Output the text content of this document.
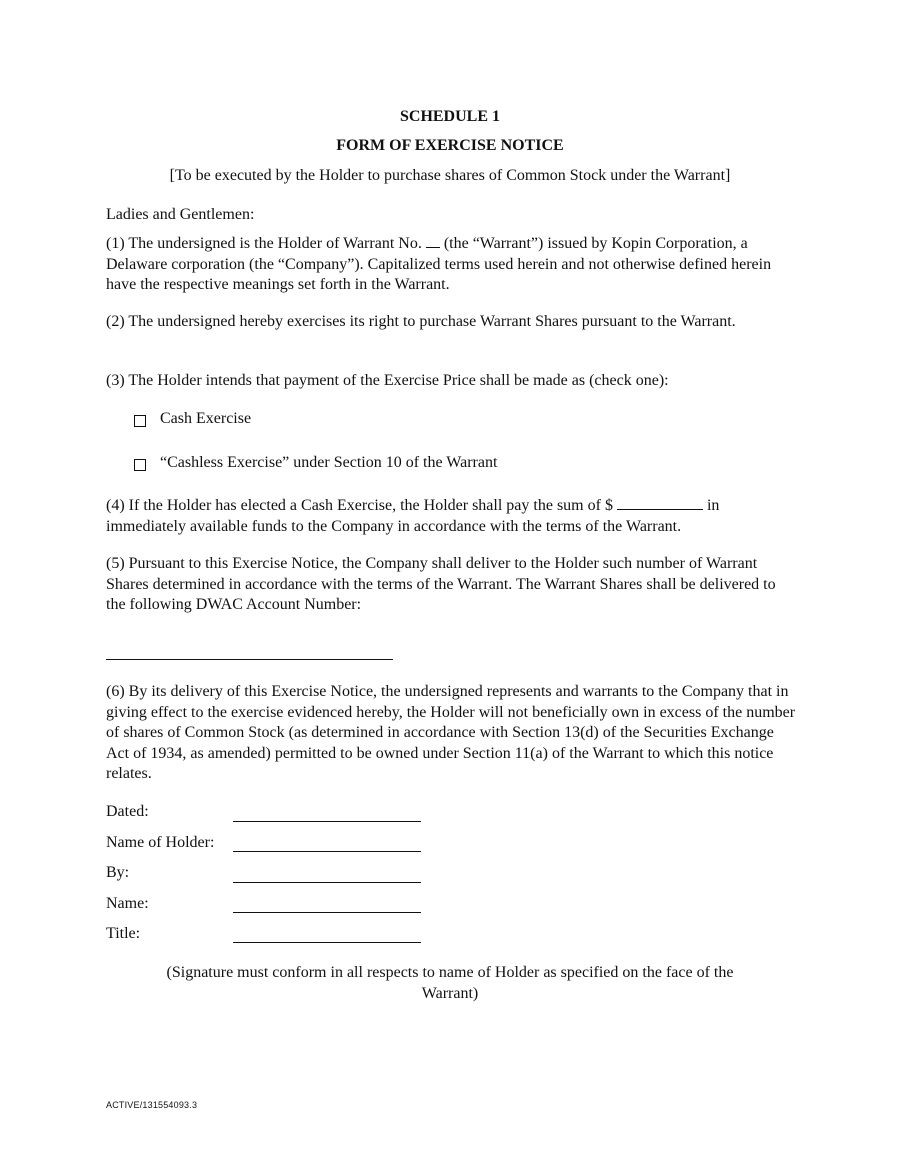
SCHEDULE 1
FORM OF EXERCISE NOTICE
[To be executed by the Holder to purchase shares of Common Stock under the Warrant]
Ladies and Gentlemen:
(1) The undersigned is the Holder of Warrant No.  (the “Warrant”) issued by Kopin Corporation, a Delaware corporation (the “Company”). Capitalized terms used herein and not otherwise defined herein have the respective meanings set forth in the Warrant.
(2) The undersigned hereby exercises its right to purchase Warrant Shares pursuant to the Warrant.
(3) The Holder intends that payment of the Exercise Price shall be made as (check one):
Cash Exercise
“Cashless Exercise” under Section 10 of the Warrant
(4) If the Holder has elected a Cash Exercise, the Holder shall pay the sum of $	in immediately available funds to the Company in accordance with the terms of the Warrant.
(5) Pursuant to this Exercise Notice, the Company shall deliver to the Holder such number of Warrant Shares determined in accordance with the terms of the Warrant. The Warrant Shares shall be delivered to the following DWAC Account Number:
(6) By its delivery of this Exercise Notice, the undersigned represents and warrants to the Company that in giving effect to the exercise evidenced hereby, the Holder will not beneficially own in excess of the number of shares of Common Stock (as determined in accordance with Section 13(d) of the Securities Exchange Act of 1934, as amended) permitted to be owned under Section 11(a) of the Warrant to which this notice relates.
Dated:
Name of Holder:
By:
Name:
Title:
(Signature must conform in all respects to name of Holder as specified on the face of the
Warrant)
ACTIVE/131554093.3
